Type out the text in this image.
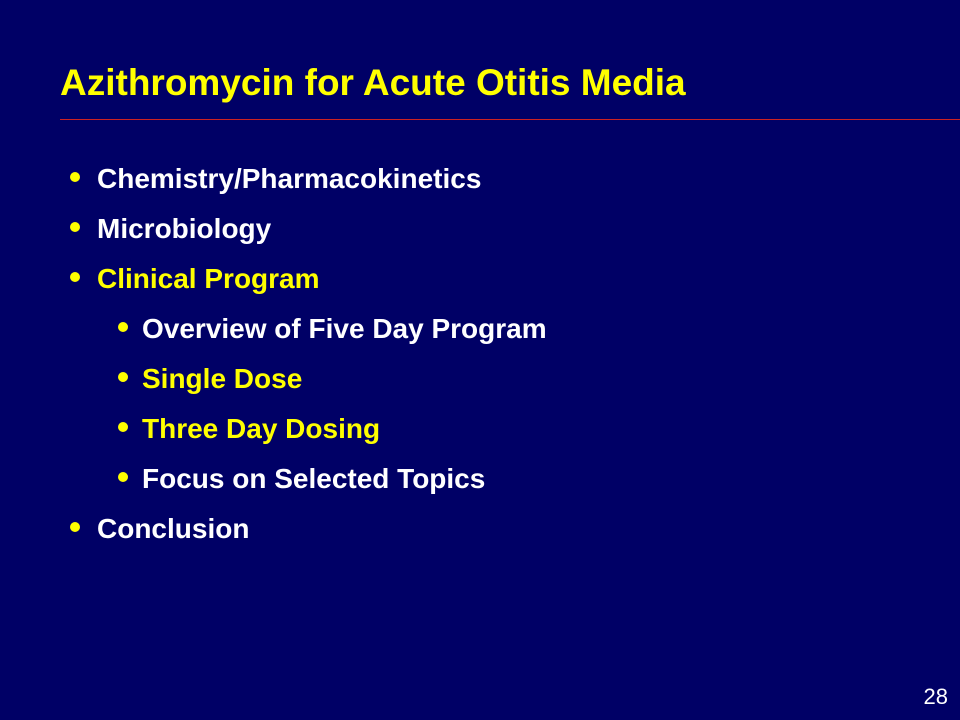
Azithromycin for Acute Otitis Media
Chemistry/Pharmacokinetics
Microbiology
Clinical Program
Overview of Five Day Program
Single Dose
Three Day Dosing
Focus on Selected Topics
Conclusion
28
